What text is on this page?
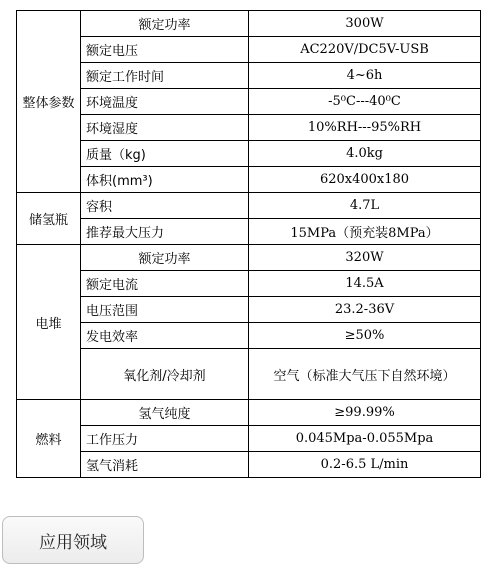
整体参数	额定功率	300W
	额定电压	AC220V/DC5V-USB
	额定工作时间	4~6h
	环境温度	-5⁰C---40⁰C
	环境湿度	10%RH---95%RH
	质量（kg)	4.0kg
	体积(mm³)	620x400x180
储氢瓶	容积	4.7L
	推荐最大压力	15MPa（预充装8MPa）
电堆	额定功率	320W
	额定电流	14.5A
	电压范围	23.2-36V
	发电效率	≥50%
	氧化剂/冷却剂	空气（标准大气压下自然环境）
燃料	氢气纯度	≥99.99%
	工作压力	0.045Mpa-0.055Mpa
	氢气消耗	0.2-6.5 L/min
应用领域
